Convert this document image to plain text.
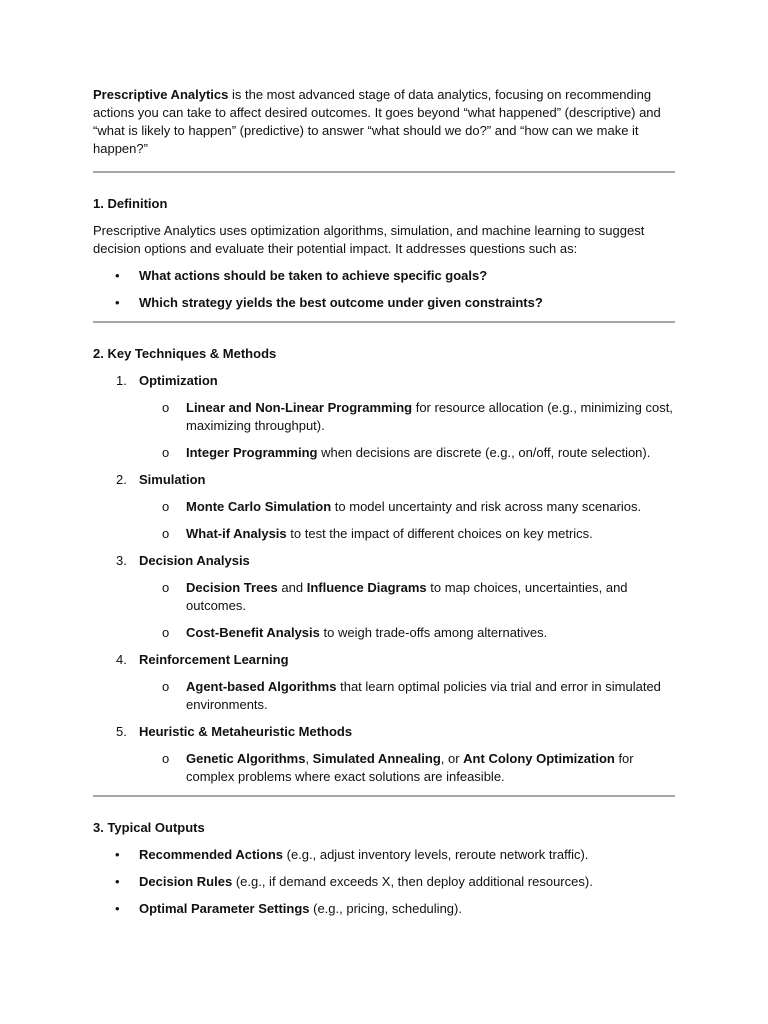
Prescriptive Analytics is the most advanced stage of data analytics, focusing on recommending actions you can take to affect desired outcomes. It goes beyond “what happened” (descriptive) and “what is likely to happen” (predictive) to answer “what should we do?” and “how can we make it happen?”

1. Definition

Prescriptive Analytics uses optimization algorithms, simulation, and machine learning to suggest decision options and evaluate their potential impact. It addresses questions such as:

• What actions should be taken to achieve specific goals?
• Which strategy yields the best outcome under given constraints?
2. Key Techniques & Methods
1. Optimization
o Linear and Non-Linear Programming for resource allocation (e.g., minimizing cost, maximizing throughput).
o Integer Programming when decisions are discrete (e.g., on/off, route selection).
2. Simulation
o Monte Carlo Simulation to model uncertainty and risk across many scenarios.
o What-if Analysis to test the impact of different choices on key metrics.
3. Decision Analysis
o Decision Trees and Influence Diagrams to map choices, uncertainties, and outcomes.
o Cost-Benefit Analysis to weigh trade-offs among alternatives.
4. Reinforcement Learning
o Agent-based Algorithms that learn optimal policies via trial and error in simulated environments.
5. Heuristic & Metaheuristic Methods
o Genetic Algorithms, Simulated Annealing, or Ant Colony Optimization for complex problems where exact solutions are infeasible.
3. Typical Outputs
• Recommended Actions (e.g., adjust inventory levels, reroute network traffic).
• Decision Rules (e.g., if demand exceeds X, then deploy additional resources).
• Optimal Parameter Settings (e.g., pricing, scheduling).
